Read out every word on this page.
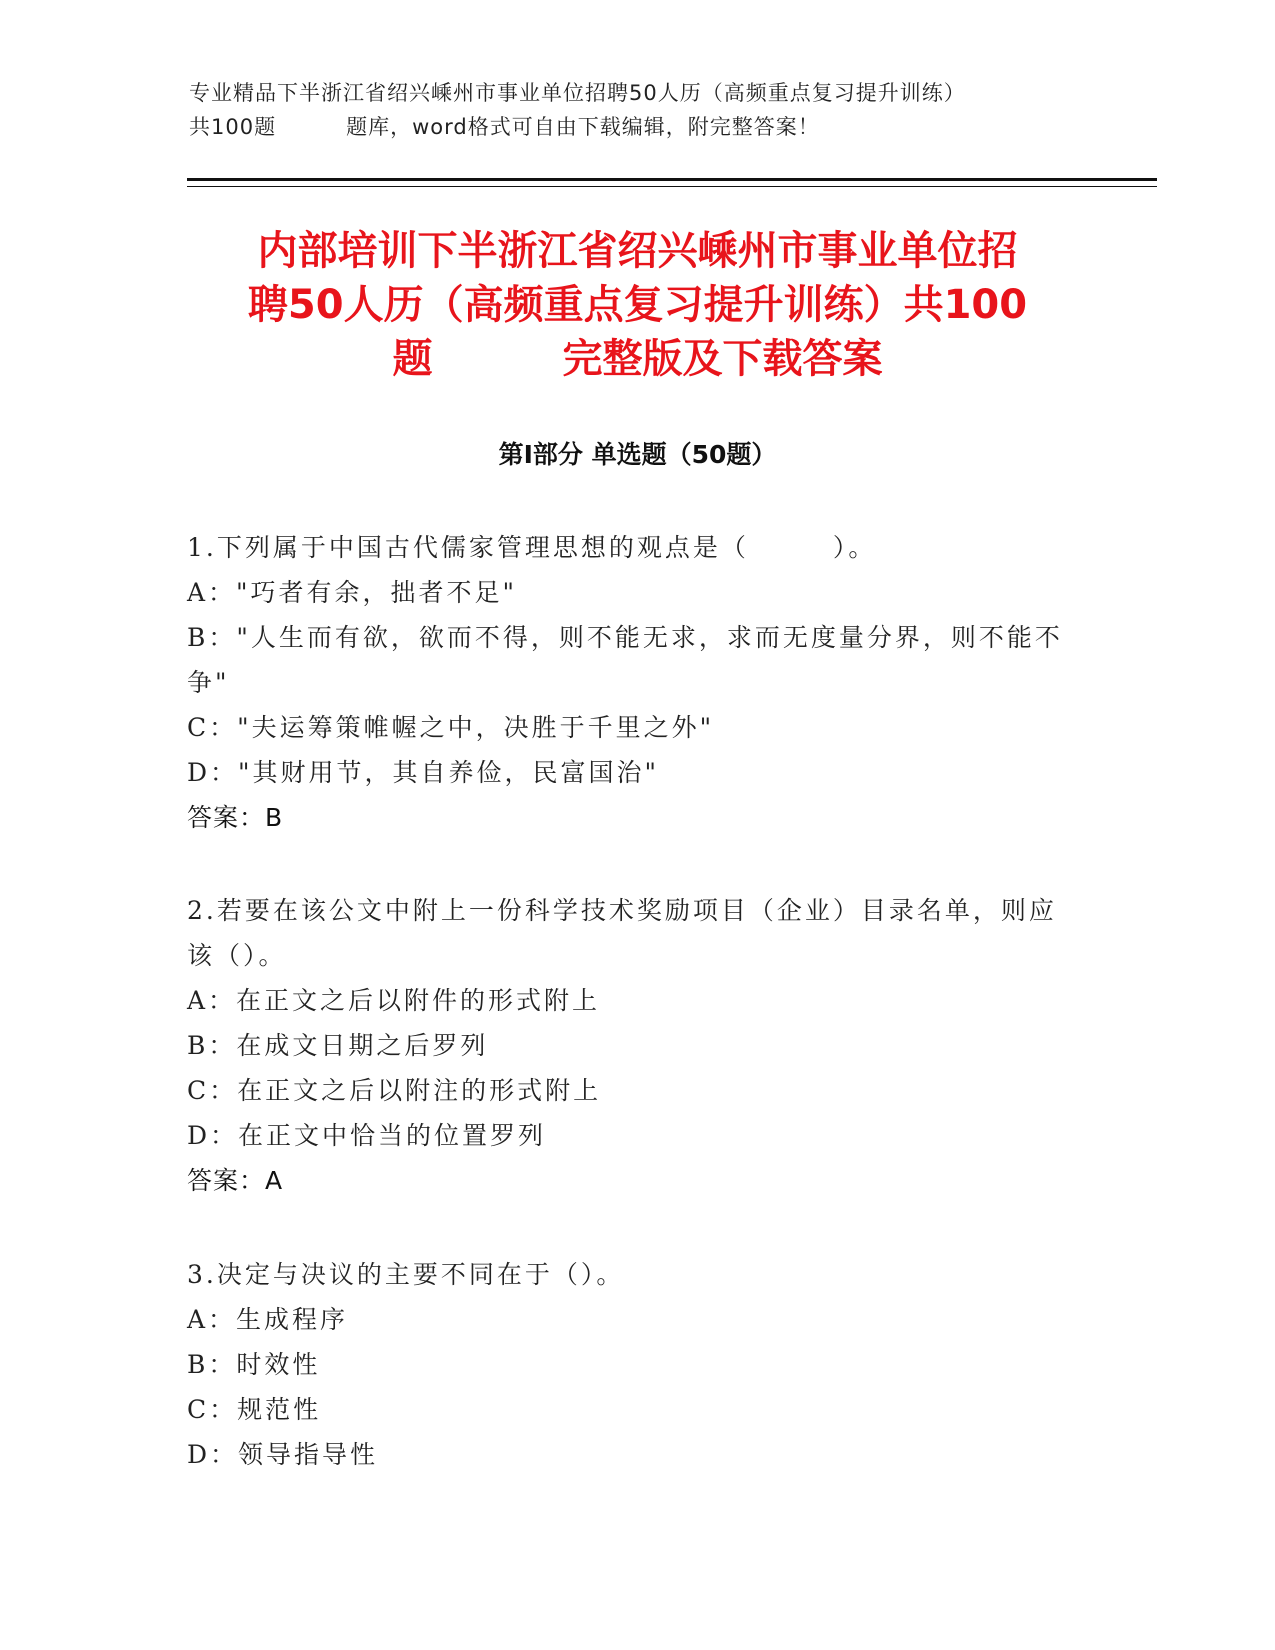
专业精品下半浙江省绍兴嵊州市事业单位招聘50人历（高频重点复习提升训练）
共100题	题库，word格式可自由下载编辑，附完整答案！
内部培训下半浙江省绍兴嵊州市事业单位招
聘50人历（高频重点复习提升训练）共100
题	完整版及下载答案
第Ⅰ部分 单选题（50题）

1.下列属于中国古代儒家管理思想的观点是（　　　）。

A："巧者有余，拙者不足"

B："人生而有欲，欲而不得，则不能无求，求而无度量分界，则不能不争"

C："夫运筹策帷幄之中，决胜于千里之外"

D："其财用节，其自养俭，民富国治"

答案：B

2.若要在该公文中附上一份科学技术奖励项目（企业）目录名单，则应该（）。

A：在正文之后以附件的形式附上

B：在成文日期之后罗列

C：在正文之后以附注的形式附上

D：在正文中恰当的位置罗列

答案：A

3.决定与决议的主要不同在于（）。

A：生成程序

B：时效性

C：规范性

D：领导指导性
